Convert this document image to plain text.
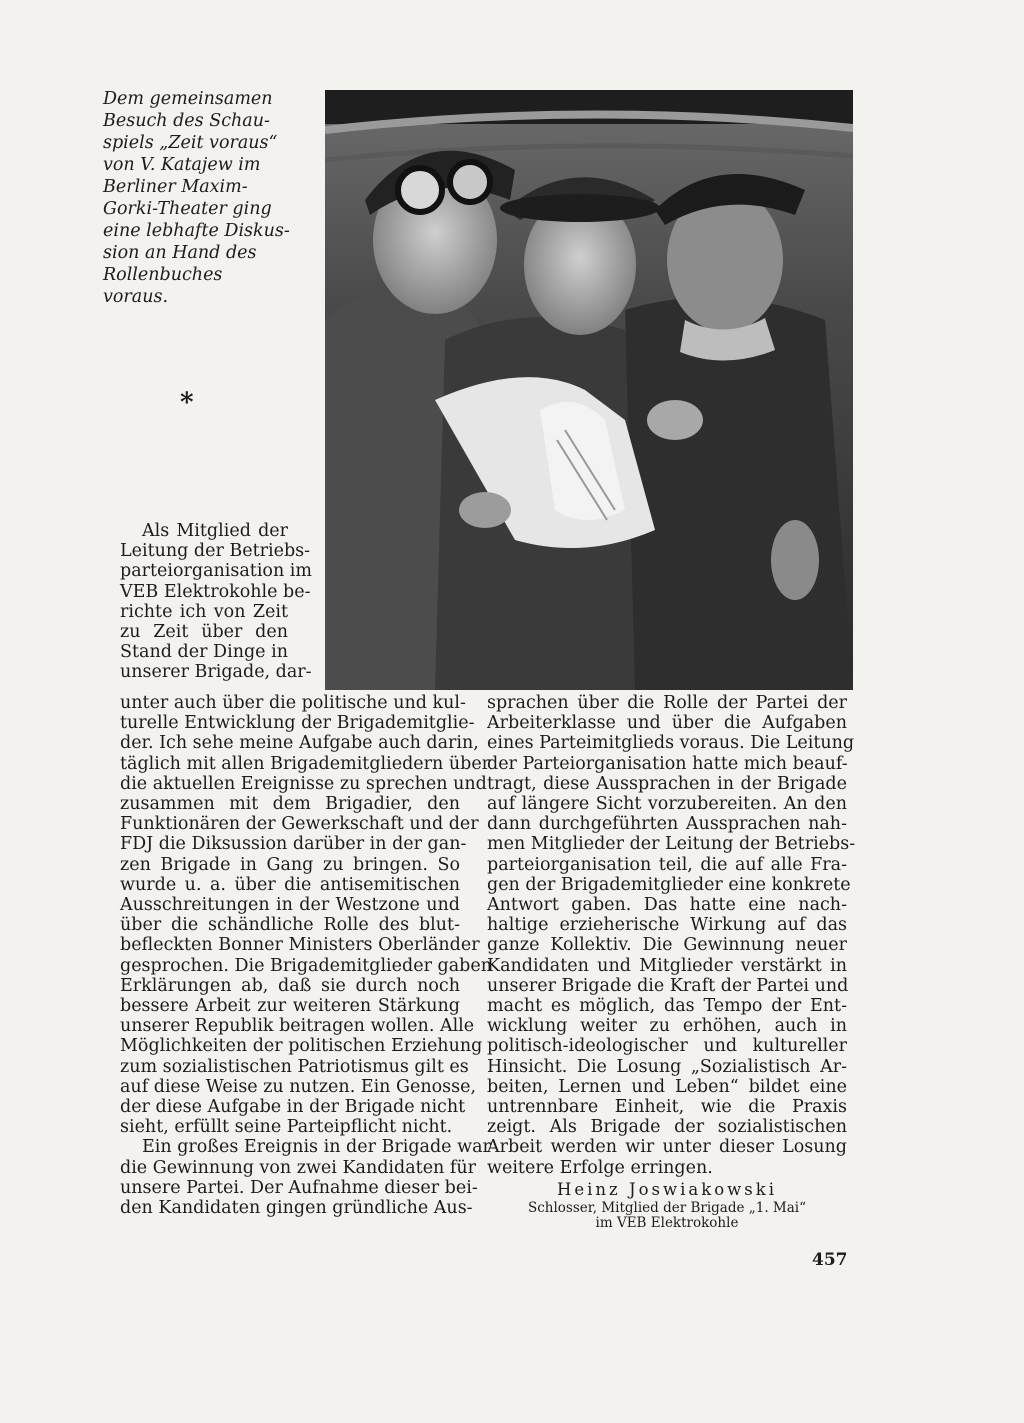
Dem gemeinsamen
Besuch des Schau-
spiels „Zeit voraus“
von V. Katajew im
Berliner Maxim-
Gorki-Theater ging
eine lebhafte Diskus-
sion an Hand des
Rollenbuches voraus.
*
Als Mitglied der
Leitung der Betriebs-
parteiorganisation im
VEB Elektrokohle be-
richte ich von Zeit
zu Zeit über den
Stand der Dinge in
unserer Brigade, dar-
unter auch über die politische und kul-
turelle Entwicklung der Brigademitglie-
der. Ich sehe meine Aufgabe auch darin,
täglich mit allen Brigademitgliedern über
die aktuellen Ereignisse zu sprechen und
zusammen mit dem Brigadier, den
Funktionären der Gewerkschaft und der
FDJ die Diksussion darüber in der gan-
zen Brigade in Gang zu bringen. So
wurde u. a. über die antisemitischen
Ausschreitungen in der Westzone und
über die schändliche Rolle des blut-
befleckten Bonner Ministers Oberländer
gesprochen. Die Brigademitglieder gaben
Erklärungen ab, daß sie durch noch
bessere Arbeit zur weiteren Stärkung
unserer Republik beitragen wollen. Alle
Möglichkeiten der politischen Erziehung
zum sozialistischen Patriotismus gilt es
auf diese Weise zu nutzen. Ein Genosse,
der diese Aufgabe in der Brigade nicht
sieht, erfüllt seine Parteipflicht nicht.
Ein großes Ereignis in der Brigade war
die Gewinnung von zwei Kandidaten für
unsere Partei. Der Aufnahme dieser bei-
den Kandidaten gingen gründliche Aus-
sprachen über die Rolle der Partei der
Arbeiterklasse und über die Aufgaben
eines Parteimitglieds voraus. Die Leitung
der Parteiorganisation hatte mich beauf-
tragt, diese Aussprachen in der Brigade
auf längere Sicht vorzubereiten. An den
dann durchgeführten Aussprachen nah-
men Mitglieder der Leitung der Betriebs-
parteiorganisation teil, die auf alle Fra-
gen der Brigademitglieder eine konkrete
Antwort gaben. Das hatte eine nach-
haltige erzieherische Wirkung auf das
ganze Kollektiv. Die Gewinnung neuer
Kandidaten und Mitglieder verstärkt in
unserer Brigade die Kraft der Partei und
macht es möglich, das Tempo der Ent-
wicklung weiter zu erhöhen, auch in
politisch-ideologischer und kultureller
Hinsicht. Die Losung „Sozialistisch Ar-
beiten, Lernen und Leben“ bildet eine
untrennbare Einheit, wie die Praxis
zeigt. Als Brigade der sozialistischen
Arbeit werden wir unter dieser Losung
weitere Erfolge erringen.
Heinz Joswiakowski
Schlosser, Mitglied der Brigade „1. Mai“
im VEB Elektrokohle
457
